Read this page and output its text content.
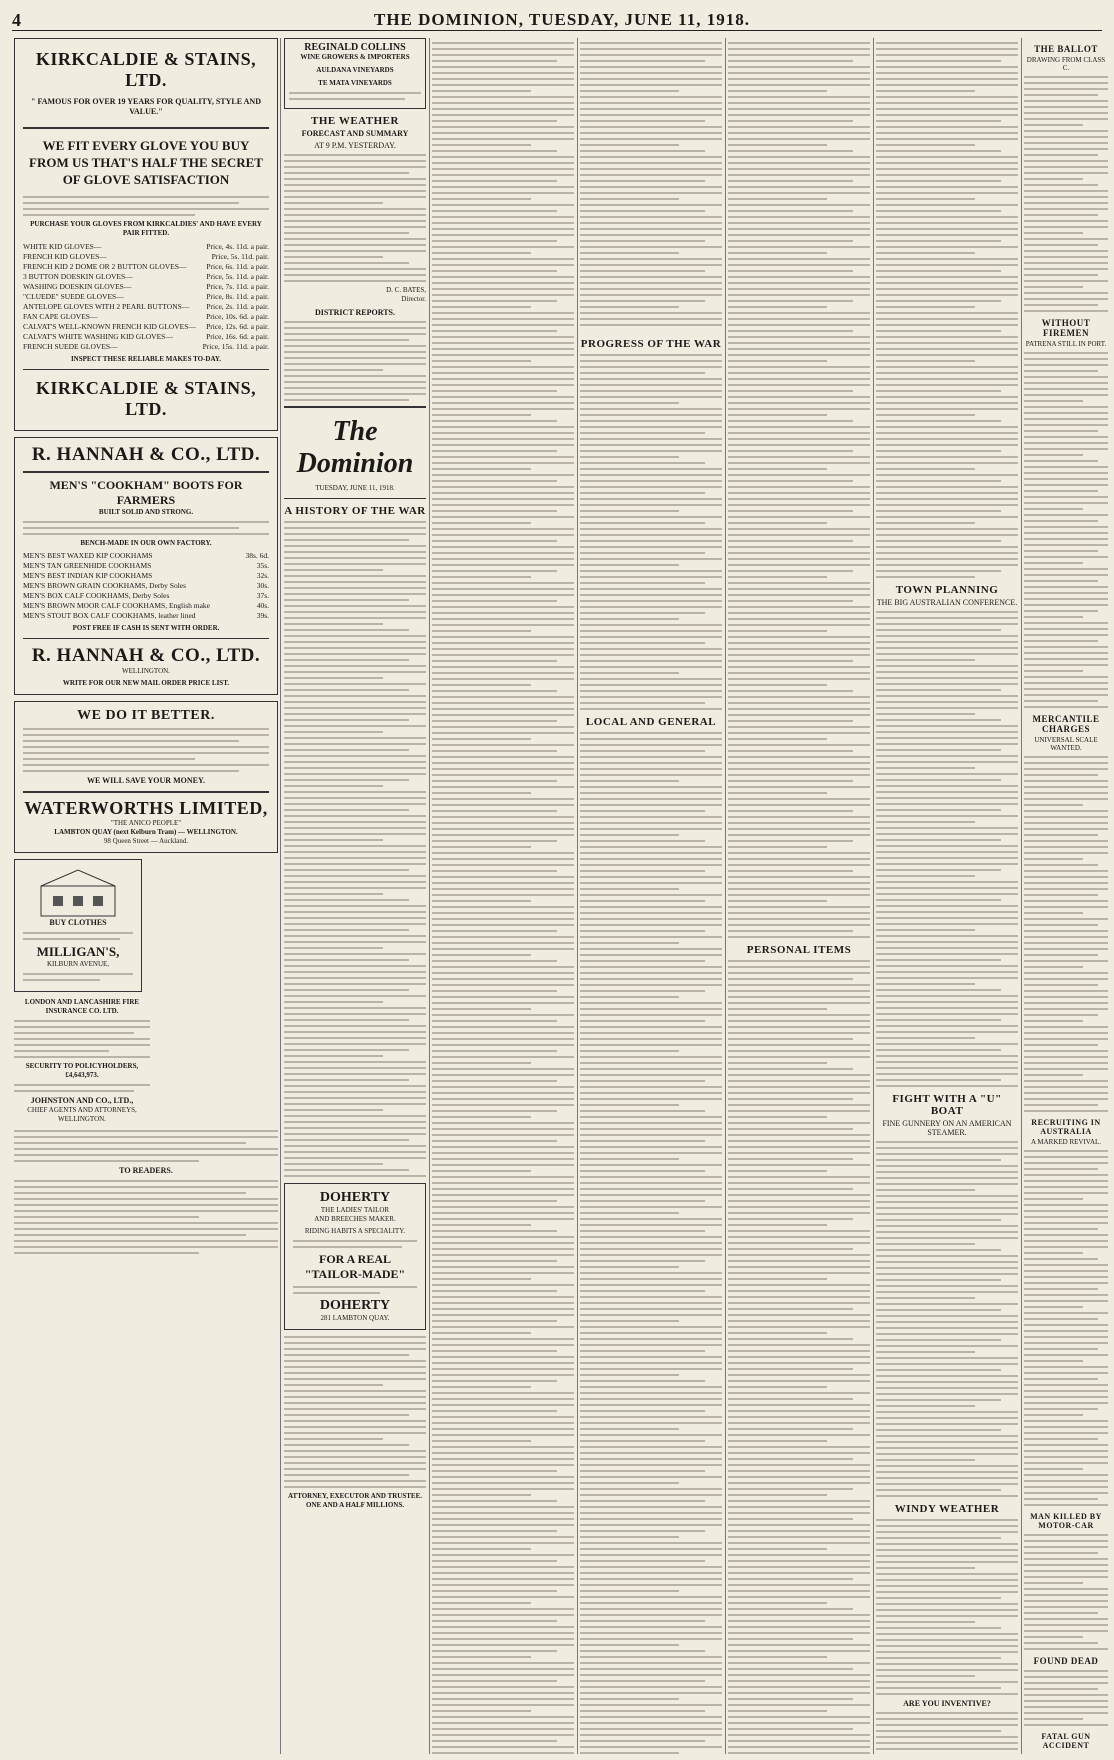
4	THE DOMINION, TUESDAY, JUNE 11, 1918.
KIRKCALDIE & STAINS, LTD.
" FAMOUS FOR OVER 19 YEARS FOR QUALITY, STYLE AND VALUE."
WE FIT EVERY GLOVE YOU BUY FROM US THAT'S HALF THE SECRET OF GLOVE SATISFACTION
PURCHASE YOUR GLOVES FROM KIRKCALDIES' AND HAVE EVERY PAIR FITTED.
WHITE KID GLOVES—	Price, 4s. 11d. a pair.
FRENCH KID GLOVES—	Price, 5s. 11d. pair.
FRENCH KID 2 DOME OR 2 BUTTON GLOVES—	Price, 6s. 11d. a pair.
3 BUTTON DOESKIN GLOVES—	Price, 5s. 11d. a pair.
WASHING DOESKIN GLOVES—	Price, 7s. 11d. a pair.
"CLUEDE" SUEDE GLOVES—	Price, 8s. 11d. a pair.
ANTELOPE GLOVES WITH 2 PEARL BUTTONS— Price, 2s. 11d. a pair.
FAN CAPE GLOVES—	Price, 10s. 6d. a pair.
CALVAT'S WELL-KNOWN FRENCH KID GLOVES— Price, 12s. 6d. a pair.
CALVAT'S WHITE WASHING KID GLOVES—	Price, 16s. 6d. a pair.
FRENCH SUEDE GLOVES—	Price, 15s. 11d. a pair.
INSPECT THESE RELIABLE MAKES TO-DAY.
KIRKCALDIE & STAINS, LTD.
R. HANNAH & CO., LTD.
MEN'S "COOKHAM" BOOTS FOR FARMERS
BUILT SOLID AND STRONG.
BENCH-MADE IN OUR OWN FACTORY.
MEN'S BEST WAXED KIP COOKHAMS	38s. 6d.
MEN'S TAN GREENHIDE COOKHAMS	35s.
MEN'S BEST INDIAN KIP COOKHAMS	32s.
MEN'S BROWN GRAIN COOKHAMS, Derby Soles	30s.
MEN'S BOX CALF COOKHAMS, Derby Soles	37s.
MEN'S BROWN MOOR CALF COOKHAMS, English make	40s.
MEN'S STOUT BOX CALF COOKHAMS, leather lined	39s.
POST FREE IF CASH IS SENT WITH ORDER.
R. HANNAH & CO., LTD.
WELLINGTON.
WRITE FOR OUR NEW MAIL ORDER PRICE LIST.
WE DO IT BETTER.
WE WILL SAVE YOUR MONEY.
WATERWORTHS LIMITED,
"THE ANICO PEOPLE"
LAMBTON QUAY (next Kelburn Tram) — WELLINGTON.
98 Queen Street — Auckland.
BUY CLOTHES
MILLIGAN'S,
KILBURN AVENUE,

LONDON AND LANCASHIRE FIRE INSURANCE CO. LTD.
SECURITY TO POLICYHOLDERS, £4,643,973.
JOHNSTON AND CO., LTD.,
CHIEF AGENTS AND ATTORNEYS,
WELLINGTON.
TO READERS.
REGINALD COLLINS
WINE GROWERS & IMPORTERS
AULDANA VINEYARDS
TE MATA VINEYARDS
THE WEATHER
FORECAST AND SUMMARY
AT 9 P.M. YESTERDAY.
D. C. BATES,
Director.
DISTRICT REPORTS.
The Dominion
TUESDAY, JUNE 11, 1918.
A HISTORY OF THE WAR
DOHERTY
THE LADIES' TAILOR
AND BREECHES MAKER.
RIDING HABITS A SPECIALITY.
FOR A REAL
"TAILOR-MADE"
DOHERTY
281 LAMBTON QUAY.
ATTORNEY, EXECUTOR AND TRUSTEE.
ONE AND A HALF MILLIONS.
PROGRESS OF THE WAR
LOCAL AND GENERAL
PERSONAL ITEMS
TOWN PLANNING
THE BIG AUSTRALIAN CONFERENCE.
FIGHT WITH A "U" BOAT
FINE GUNNERY ON AN AMERICAN STEAMER.
WINDY WEATHER
ARE YOU INVENTIVE?
THE BALLOT
DRAWING FROM CLASS C.
WITHOUT FIREMEN
PATRENA STILL IN PORT.
MERCANTILE CHARGES
UNIVERSAL SCALE WANTED.
RECRUITING IN AUSTRALIA
A MARKED REVIVAL.
MAN KILLED BY MOTOR-CAR
FOUND DEAD
FATAL GUN ACCIDENT
